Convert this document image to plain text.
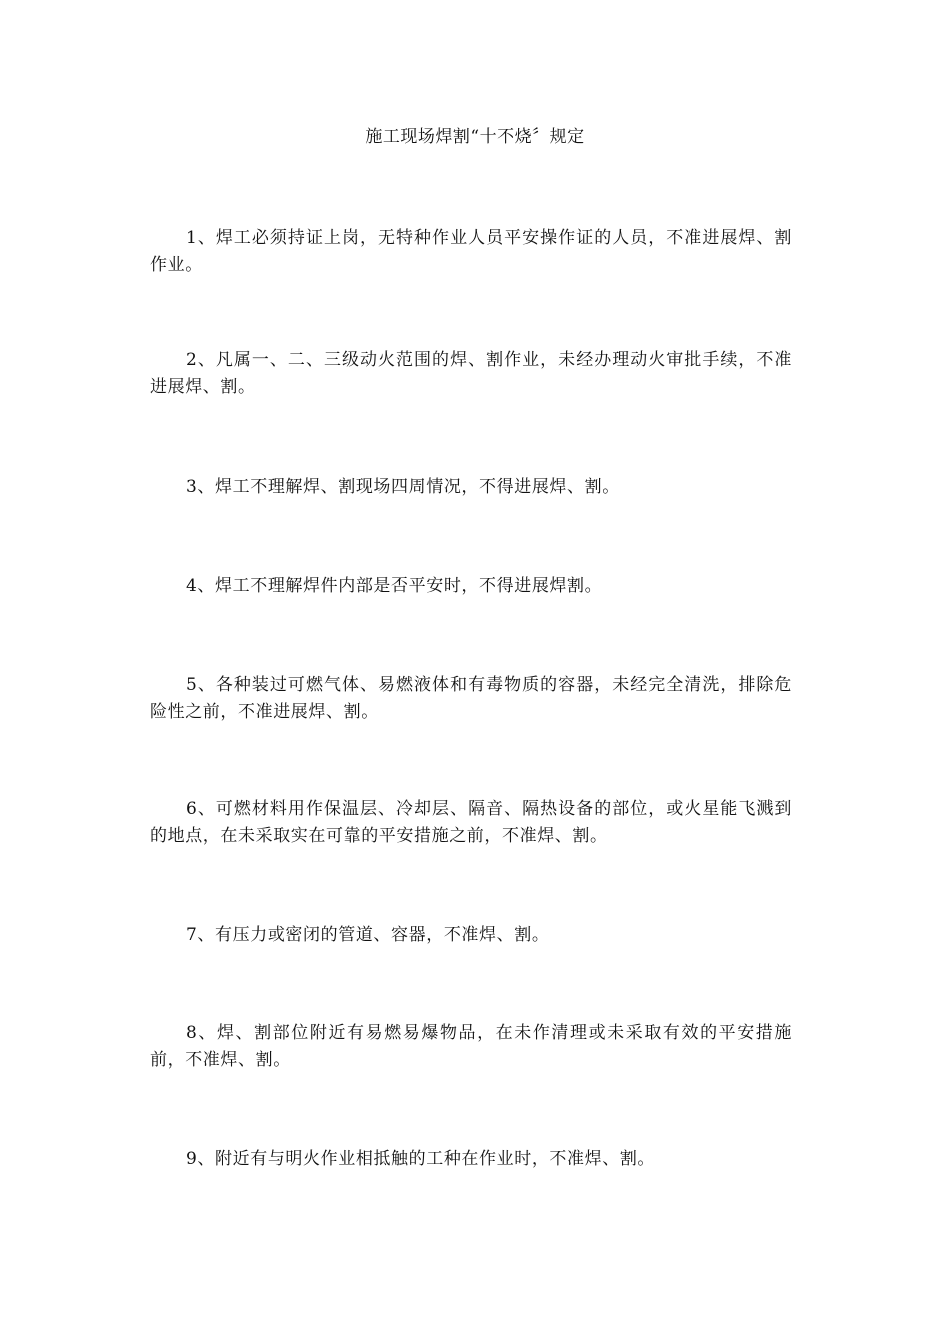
施工现场焊割“十不烧〞规定

1、焊工必须持证上岗，无特种作业人员平安操作证的人员，不准进展焊、割作业。

2、凡属一、二、三级动火范围的焊、割作业，未经办理动火审批手续，不准进展焊、割。

3、焊工不理解焊、割现场四周情况，不得进展焊、割。

4、焊工不理解焊件内部是否平安时，不得进展焊割。

5、各种装过可燃气体、易燃液体和有毒物质的容器，未经完全清洗，排除危险性之前，不准进展焊、割。

6、可燃材料用作保温层、冷却层、隔音、隔热设备的部位，或火星能飞溅到的地点，在未采取实在可靠的平安措施之前，不准焊、割。

7、有压力或密闭的管道、容器，不准焊、割。

8、焊、割部位附近有易燃易爆物品，在未作清理或未采取有效的平安措施前，不准焊、割。

9、附近有与明火作业相抵触的工种在作业时，不准焊、割。
